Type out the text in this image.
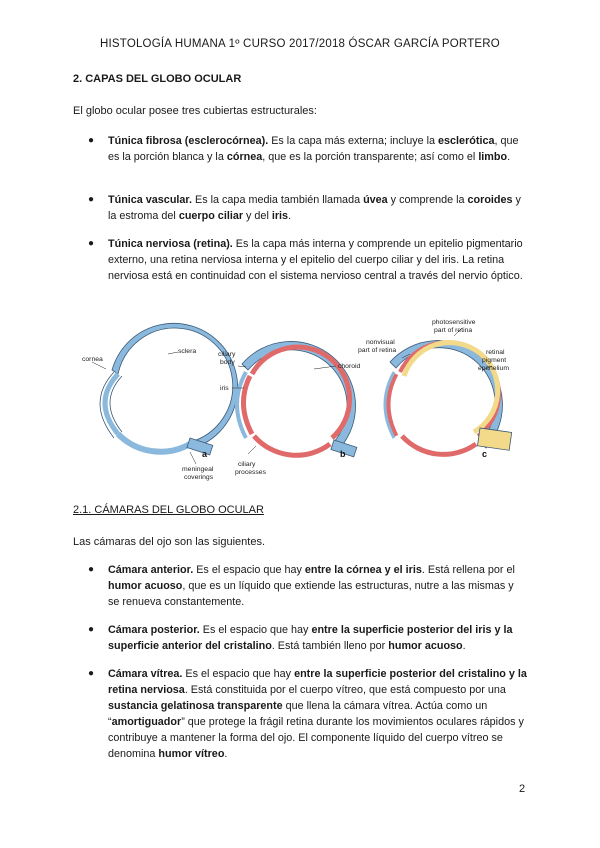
HISTOLOGÍA HUMANA 1º CURSO 2017/2018 ÓSCAR GARCÍA PORTERO
2. CAPAS DEL GLOBO OCULAR
El globo ocular posee tres cubiertas estructurales:
● Túnica fibrosa (esclerocórnea). Es la capa más externa; incluye la esclerótica, que es la porción blanca y la córnea, que es la porción transparente; así como el limbo.
● Túnica vascular. Es la capa media también llamada úvea y comprende la coroides y la estroma del cuerpo ciliar y del iris.
● Túnica nerviosa (retina). Es la capa más interna y comprende un epitelio pigmentario externo, una retina nerviosa interna y el epitelio del cuerpo ciliar y del iris. La retina nerviosa está en continuidad con el sistema nervioso central a través del nervio óptico.
cornea
sclera
meningeal
coverings
a
ciliary
body
iris
choroid
ciliary
processes
b
photosensitive
part of retina
nonvisual
part of retina	retinal
pigment
epithelium
c
2.1. CÁMARAS DEL GLOBO OCULAR
Las cámaras del ojo son las siguientes.
● Cámara anterior. Es el espacio que hay entre la córnea y el iris. Está rellena por el humor acuoso, que es un líquido que extiende las estructuras, nutre a las mismas y se renueva constantemente.
● Cámara posterior. Es el espacio que hay entre la superficie posterior del iris y la superficie anterior del cristalino. Está también lleno por humor acuoso.
● Cámara vítrea. Es el espacio que hay entre la superficie posterior del cristalino y la retina nerviosa. Está constituida por el cuerpo vítreo, que está compuesto por una sustancia gelatinosa transparente que llena la cámara vítrea. Actúa como un “amortiguador” que protege la frágil retina durante los movimientos oculares rápidos y contribuye a mantener la forma del ojo. El componente líquido del cuerpo vítreo se denomina humor vítreo.
2
